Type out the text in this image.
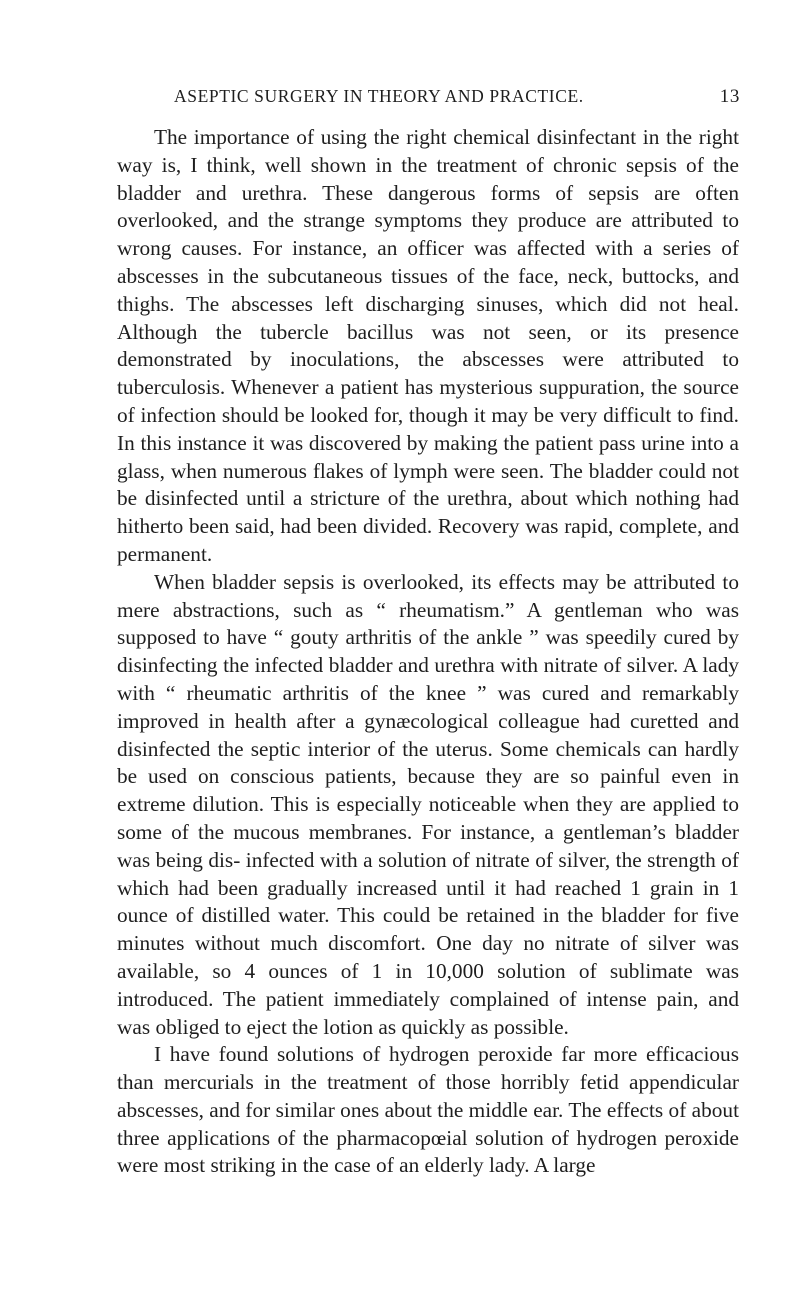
ASEPTIC SURGERY IN THEORY AND PRACTICE.	13

The importance of using the right chemical disinfectant in the right way is, I think, well shown in the treatment of chronic sepsis of the bladder and urethra. These dangerous forms of sepsis are often overlooked, and the strange symptoms they produce are attributed to wrong causes. For instance, an officer was affected with a series of abscesses in the subcutaneous tissues of the face, neck, buttocks, and thighs. The abscesses left discharging sinuses, which did not heal. Although the tubercle bacillus was not seen, or its presence demonstrated by inoculations, the abscesses were attributed to tuberculosis. Whenever a patient has mysterious suppuration, the source of infection should be looked for, though it may be very difficult to find. In this instance it was discovered by making the patient pass urine into a glass, when numerous flakes of lymph were seen. The bladder could not be disinfected until a stricture of the urethra, about which nothing had hitherto been said, had been divided. Recovery was rapid, complete, and permanent.

When bladder sepsis is overlooked, its effects may be attributed to mere abstractions, such as “ rheumatism.” A gentleman who was supposed to have “ gouty arthritis of the ankle ” was speedily cured by disinfecting the infected bladder and urethra with nitrate of silver. A lady with “ rheumatic arthritis of the knee ” was cured and remarkably improved in health after a gynæcological colleague had curetted and disinfected the septic interior of the uterus. Some chemicals can hardly be used on conscious patients, because they are so painful even in extreme dilution. This is especially noticeable when they are applied to some of the mucous membranes. For instance, a gentleman’s bladder was being dis- infected with a solution of nitrate of silver, the strength of which had been gradually increased until it had reached 1 grain in 1 ounce of distilled water. This could be retained in the bladder for five minutes without much discomfort. One day no nitrate of silver was available, so 4 ounces of 1 in 10,000 solution of sublimate was introduced. The patient immediately complained of intense pain, and was obliged to eject the lotion as quickly as possible.

I have found solutions of hydrogen peroxide far more efficacious than mercurials in the treatment of those horribly fetid appendicular abscesses, and for similar ones about the middle ear. The effects of about three applications of the pharmacopœial solution of hydrogen peroxide were most striking in the case of an elderly lady. A large
